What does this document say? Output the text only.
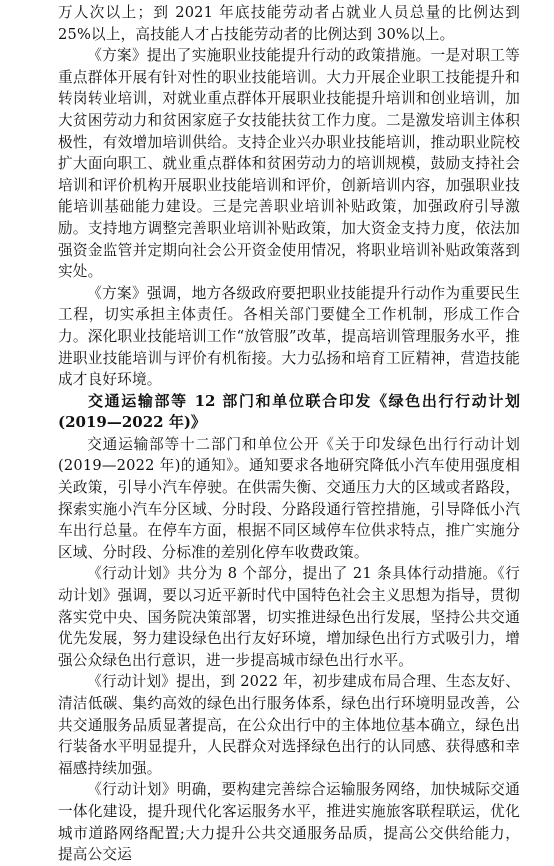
万人次以上；到 2021 年底技能劳动者占就业人员总量的比例达到 25%以上，高技能人才占技能劳动者的比例达到 30%以上。

《方案》提出了实施职业技能提升行动的政策措施。一是对职工等重点群体开展有针对性的职业技能培训。大力开展企业职工技能提升和转岗转业培训，对就业重点群体开展职业技能提升培训和创业培训，加大贫困劳动力和贫困家庭子女技能扶贫工作力度。二是激发培训主体积极性，有效增加培训供给。支持企业兴办职业技能培训，推动职业院校扩大面向职工、就业重点群体和贫困劳动力的培训规模，鼓励支持社会培训和评价机构开展职业技能培训和评价，创新培训内容，加强职业技能培训基础能力建设。三是完善职业培训补贴政策，加强政府引导激励。支持地方调整完善职业培训补贴政策，加大资金支持力度，依法加强资金监管并定期向社会公开资金使用情况，将职业培训补贴政策落到实处。

《方案》强调，地方各级政府要把职业技能提升行动作为重要民生工程，切实承担主体责任。各相关部门要健全工作机制，形成工作合力。深化职业技能培训工作“放管服”改革，提高培训管理服务水平，推进职业技能培训与评价有机衔接。大力弘扬和培育工匠精神，营造技能成才良好环境。

交通运输部等 12 部门和单位联合印发《绿色出行行动计划(2019—2022 年)》

交通运输部等十二部门和单位公开《关于印发绿色出行行动计划(2019—2022 年)的通知》。通知要求各地研究降低小汽车使用强度相关政策，引导小汽车停驶。在供需失衡、交通压力大的区域或者路段，探索实施小汽车分区域、分时段、分路段通行管控措施，引导降低小汽车出行总量。在停车方面，根据不同区域停车位供求特点，推广实施分区域、分时段、分标准的差别化停车收费政策。

《行动计划》共分为 8 个部分，提出了 21 条具体行动措施。《行动计划》强调，要以习近平新时代中国特色社会主义思想为指导，贯彻落实党中央、国务院决策部署，切实推进绿色出行发展，坚持公共交通优先发展，努力建设绿色出行友好环境，增加绿色出行方式吸引力，增强公众绿色出行意识，进一步提高城市绿色出行水平。

《行动计划》提出，到 2022 年，初步建成布局合理、生态友好、清洁低碳、集约高效的绿色出行服务体系，绿色出行环境明显改善，公共交通服务品质显著提高，在公众出行中的主体地位基本确立，绿色出行装备水平明显提升，人民群众对选择绿色出行的认同感、获得感和幸福感持续加强。

《行动计划》明确，要构建完善综合运输服务网络，加快城际交通一体化建设，提升现代化客运服务水平，推进实施旅客联程联运，优化城市道路网络配置;大力提升公共交通服务品质，提高公交供给能力，提高公交运
